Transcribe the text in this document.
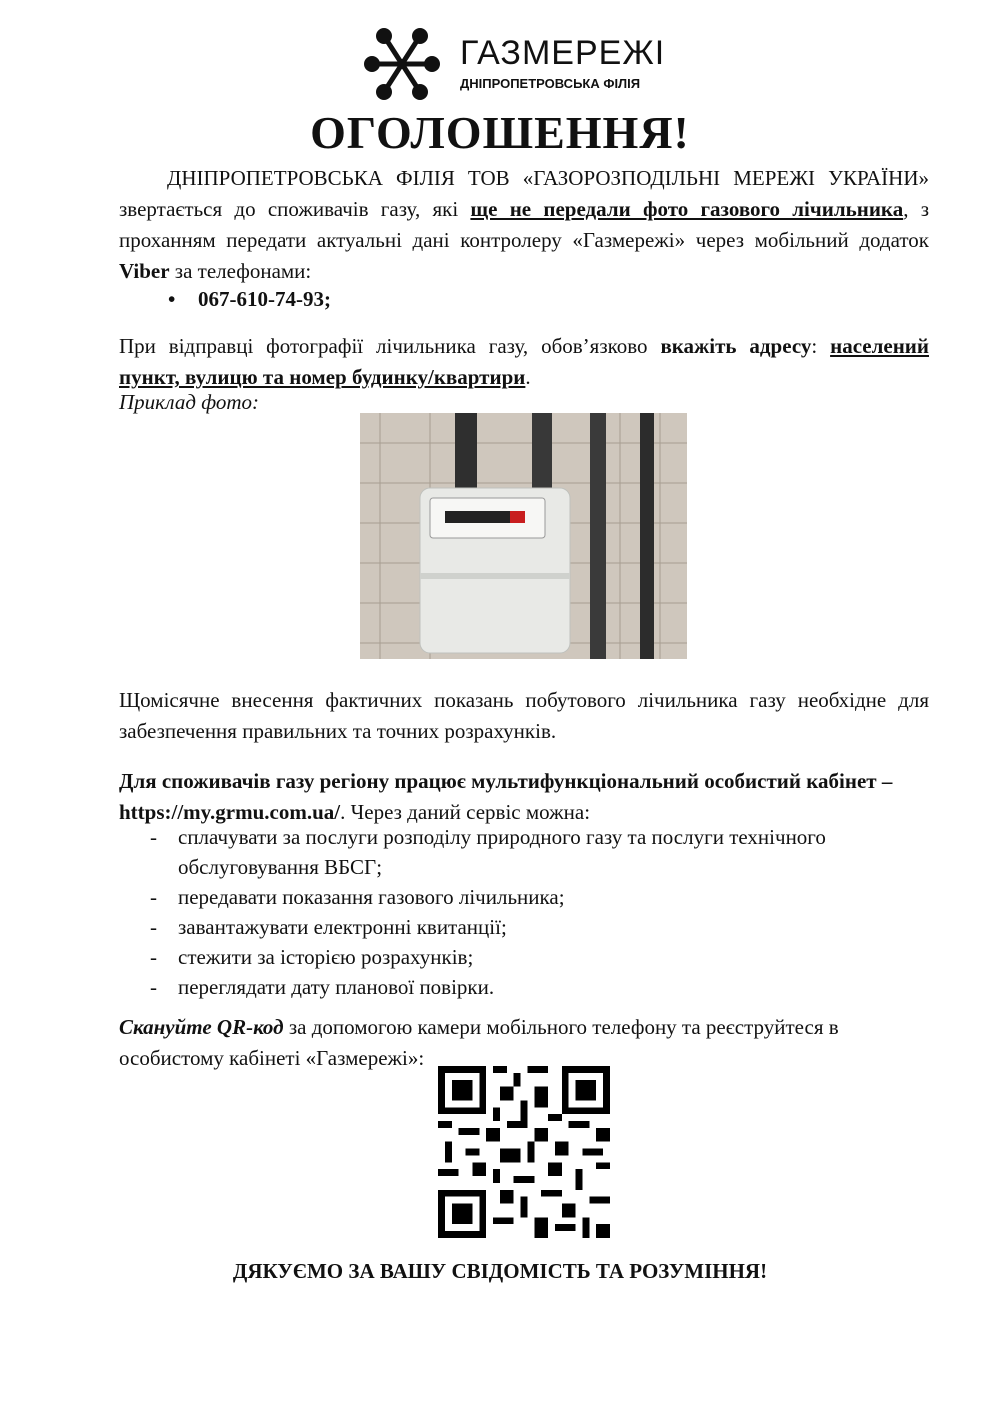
ГАЗМЕРЕЖІ
ДНІПРОПЕТРОВСЬКА ФІЛІЯ
ОГОЛОШЕННЯ!
ДНІПРОПЕТРОВСЬКА ФІЛІЯ ТОВ «ГАЗОРОЗПОДІЛЬНІ МЕРЕЖІ УКРАЇНИ» звертається до споживачів газу, які ще не передали фото газового лічильника, з проханням передати актуальні дані контролеру «Газмережі» через мобільний додаток Viber за телефонами:
• 067-610-74-93;
При відправці фотографії лічильника газу, обов’язково вкажіть адресу: населений пункт, вулицю та номер будинку/квартири.
Приклад фото:
Щомісячне внесення фактичних показань побутового лічильника газу необхідне для забезпечення правильних та точних розрахунків.
Для споживачів газу регіону працює мультифункціональний особистий кабінет – https://my.grmu.com.ua/. Через даний сервіс можна:
- сплачувати за послуги розподілу природного газу та послуги технічного обслуговування ВБСГ;
- передавати показання газового лічильника;
- завантажувати електронні квитанції;
- стежити за історією розрахунків;
- переглядати дату планової повірки.
Скануйте QR-код за допомогою камери мобільного телефону та реєструйтеся в особистому кабінеті «Газмережі»:
ДЯКУЄМО ЗА ВАШУ СВІДОМІСТЬ ТА РОЗУМІННЯ!
